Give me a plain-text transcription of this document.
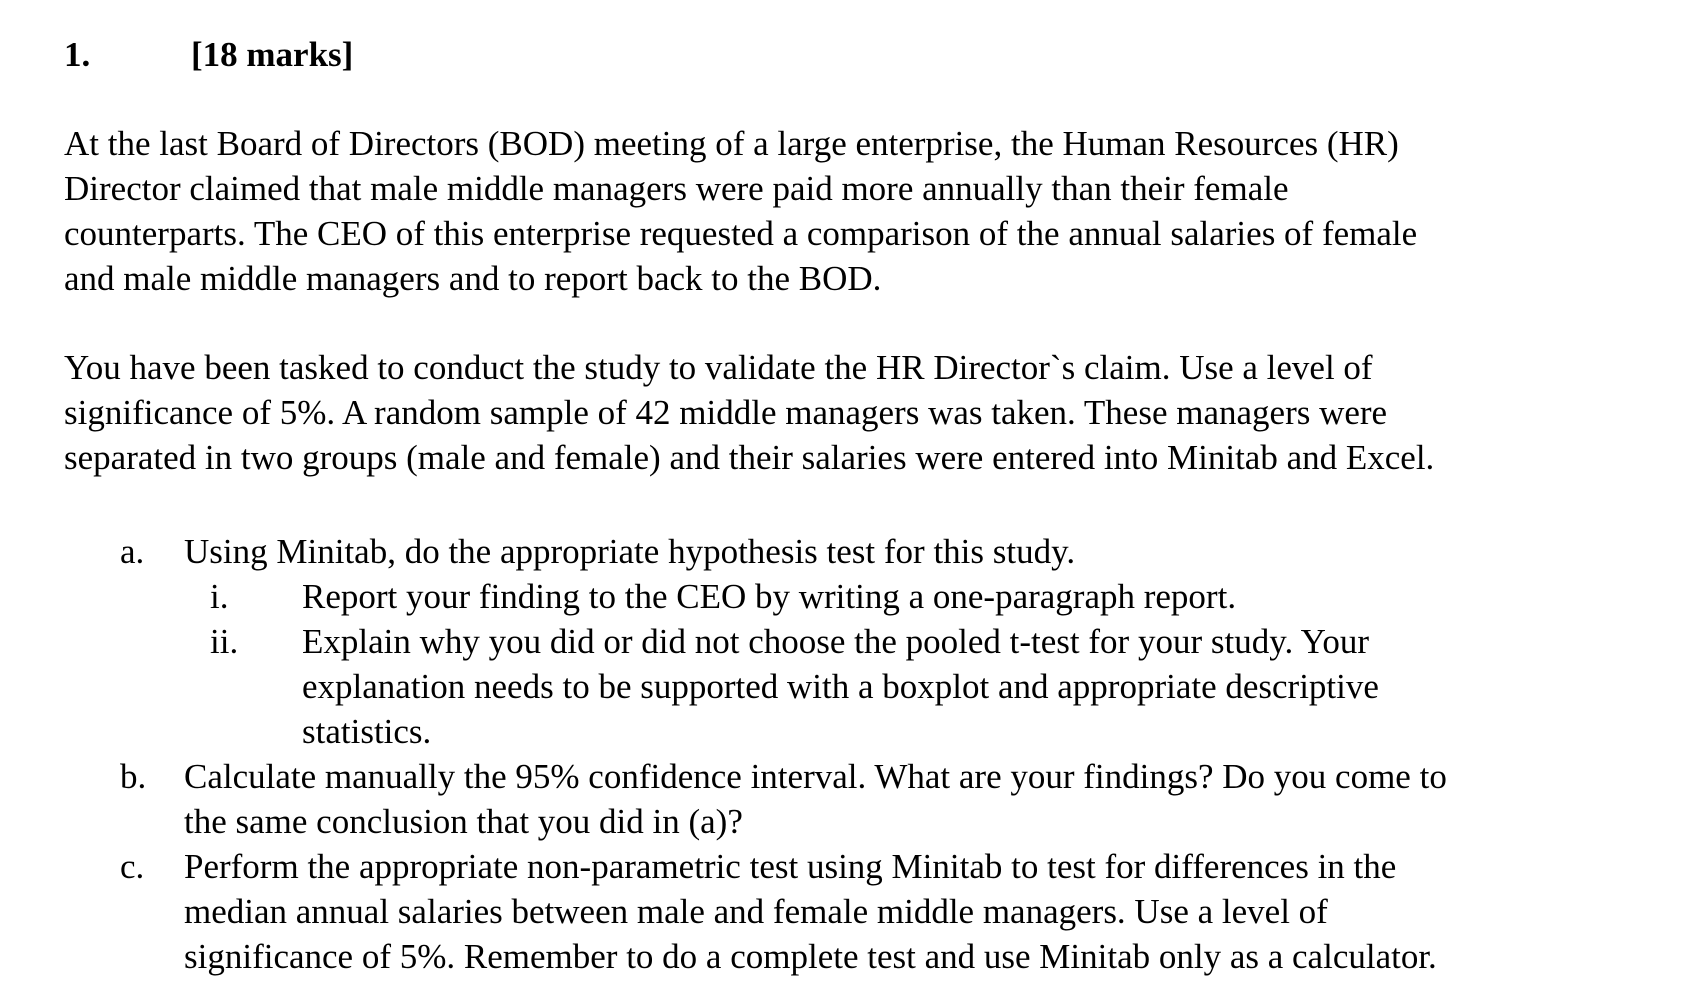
1.	[18 marks]

At the last Board of Directors (BOD) meeting of a large enterprise, the Human Resources (HR)
Director claimed that male middle managers were paid more annually than their female
counterparts. The CEO of this enterprise requested a comparison of the annual salaries of female
and male middle managers and to report back to the BOD.

You have been tasked to conduct the study to validate the HR Director`s claim. Use a level of
significance of 5%. A random sample of 42 middle managers was taken. These managers were
separated in two groups (male and female) and their salaries were entered into Minitab and Excel.

a. Using Minitab, do the appropriate hypothesis test for this study.
i. Report your finding to the CEO by writing a one-paragraph report.
ii. Explain why you did or did not choose the pooled t-test for your study. Your
explanation needs to be supported with a boxplot and appropriate descriptive
statistics.
b. Calculate manually the 95% confidence interval. What are your findings? Do you come to
the same conclusion that you did in (a)?
c. Perform the appropriate non-parametric test using Minitab to test for differences in the
median annual salaries between male and female middle managers. Use a level of
significance of 5%. Remember to do a complete test and use Minitab only as a calculator.
